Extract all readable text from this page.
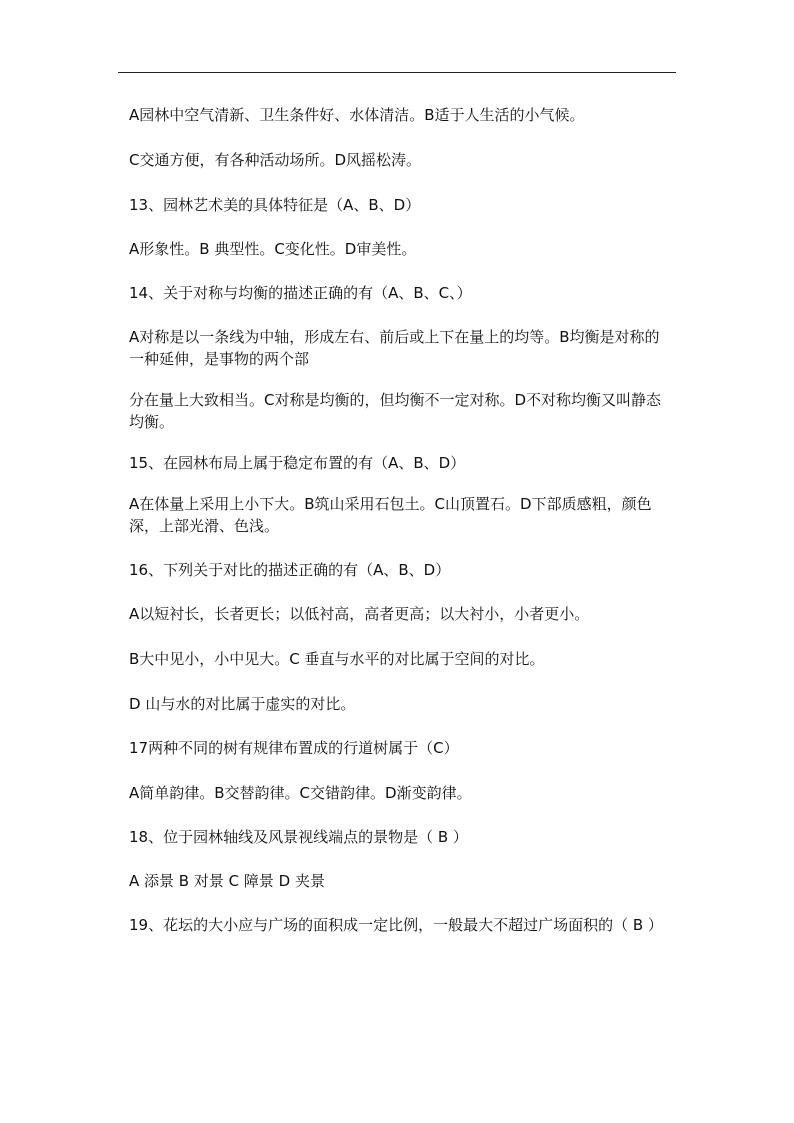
A园林中空气清新、卫生条件好、水体清洁。B适于人生活的小气候。

C交通方便，有各种活动场所。D风摇松涛。

13、园林艺术美的具体特征是（A、B、D）

A形象性。B 典型性。C变化性。D审美性。

14、关于对称与均衡的描述正确的有（A、B、C、）

A对称是以一条线为中轴，形成左右、前后或上下在量上的均等。B均衡是对称的一种延伸，是事物的两个部

分在量上大致相当。C对称是均衡的，但均衡不一定对称。D不对称均衡又叫静态均衡。

15、在园林布局上属于稳定布置的有（A、B、D）

A在体量上采用上小下大。B筑山采用石包土。C山顶置石。D下部质感粗，颜色深，上部光滑、色浅。

16、下列关于对比的描述正确的有（A、B、D）

A以短衬长，长者更长；以低衬高，高者更高；以大衬小，小者更小。

B大中见小，小中见大。C 垂直与水平的对比属于空间的对比。

D 山与水的对比属于虚实的对比。

17两种不同的树有规律布置成的行道树属于（C）

A简单韵律。B交替韵律。C交错韵律。D渐变韵律。

18、位于园林轴线及风景视线端点的景物是（ B ）

A 添景 B 对景 C 障景 D 夹景

19、花坛的大小应与广场的面积成一定比例，一般最大不超过广场面积的（ B ）
